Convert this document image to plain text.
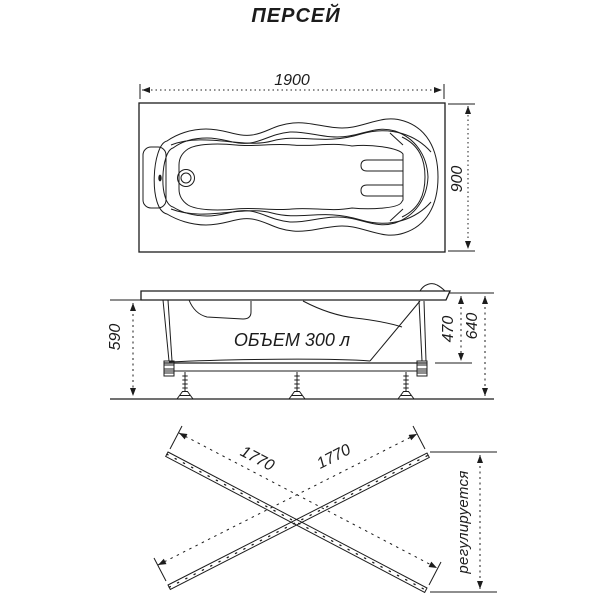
ПЕРСЕЙ
1900
900
ОБЪЕМ 300 л
590	470 640
1770 1770
регулируется
